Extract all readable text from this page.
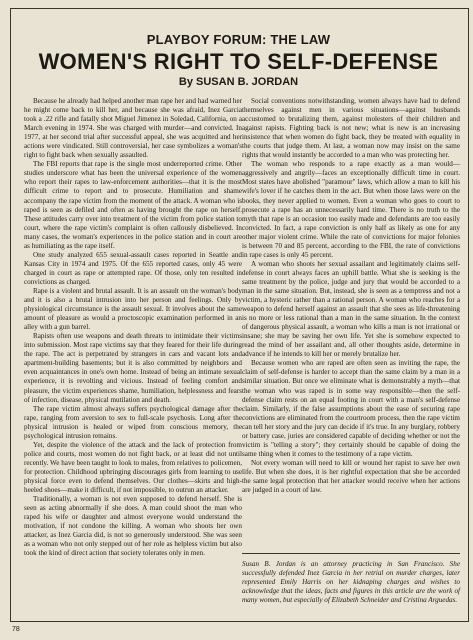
PLAYBOY FORUM: THE LAW
WOMEN'S RIGHT TO SELF-DEFENSE
By SUSAN B. JORDAN

Because he already had helped another man rape her and had warned her he might come back to kill her, and because she was afraid, Inez Garcia took a .22 rifle and fatally shot Miguel Jimenez in Soledad, California, on a March evening in 1974. She was charged with murder—and convicted. In 1977, at her second trial after successful appeal, she was acquitted and her actions were vindicated. Still controversial, her case symbolizes a woman's right to fight back when sexually assaulted.

The FBI reports that rape is the single most underreported crime. Other studies underscore what has been the universal experience of the women who report their rapes to law-enforcement authorities—that it is the most difficult crime to report and to prosecute. Humiliation and shame accompany the rape victim from the moment of the attack. A woman who is raped is seen as defiled and often as having brought the rape on herself. These attitudes carry over into treatment of the victim from police station to court, where the rape victim's complaint is often callously disbelieved. In many cases, the woman's experiences in the police station and in court are as humiliating as the rape itself.

One study analyzed 655 sexual-assault cases reported in Seattle and Kansas City in 1974 and 1975. Of the 655 reported cases, only 45 were charged in court as rape or attempted rape. Of those, only ten resulted in convictions as charged.

Rape is a violent and brutal assault. It is an assault on the woman's body and it is also a brutal intrusion into her person and feelings. Only by physiological circumstance is the assault sexual. It involves about the same amount of pleasure as would a proctoscopic examination performed in an alley with a gun barrel.

Rapists often use weapons and death threats to intimidate their victims into submission. Most rape victims say that they feared for their life during the rape. The act is perpetrated by strangers in cars and vacant lots and apartment-building basements; but it is also committed by neighbors and even acquaintances in one's own home. Instead of being an intimate sexual experience, it is revolting and vicious. Instead of feeling comfort and pleasure, the victim experiences shame, humiliation, helplessness and fears of infection, disease, physical mutilation and death.

The rape victim almost always suffers psychological damage after the rape, ranging from aversion to sex to full-scale psychosis. Long after the physical intrusion is healed or wiped from conscious memory, the psychological intrusion remains.

Yet, despite the violence of the attack and the lack of protection from police and courts, most women do not fight back, or at least did not until recently. We have been taught to look to males, from relatives to policemen, for protection. Childhood upbringing discourages girls from learning to use physical force even to defend themselves. Our clothes—skirts and high-heeled shoes—make it difficult, if not impossible, to outrun an attacker.

Traditionally, a woman is not even supposed to defend herself. She is seen as acting abnormally if she does. A man could shoot the man who raped his wife or daughter and almost everyone would understand the motivation, if not condone the killing. A woman who shoots her own attacker, as Inez Garcia did, is not so generously understood. She was seen as a woman who not only stepped out of her role as helpless victim but also took the kind of direct action that society tolerates only in men.

Social conventions notwithstanding, women always have had to defend themselves against men in various situations—against husbands accustomed to brutalizing them, against molesters of their children and against rapists. Fighting back is not new; what is new is an increasing insistence that when women do fight back, they be treated with equality in the courts that judge them. At last, a woman now may insist on the same rights that would instantly be accorded to a man who was protecting her.

The woman who responds to a rape exactly as a man would—aggressively and angrily—faces an exceptionally difficult time in court. Most states have abolished "paramour" laws, which allow a man to kill his wife's lover if he catches them in the act. But when those laws were on the books, they never applied to women. Even a woman who goes to court to prosecute a rape has an unnecessarily hard time. There is no truth to the myth that rape is an occasion too easily made and defendants are too easily convicted. In fact, a rape conviction is only half as likely as one for any other major violent crime. While the rate of convictions for major felonies is between 70 and 85 percent, according to the FBI, the rate of convictions in rape cases is only 45 percent.

A woman who shoots her sexual assailant and legitimately claims self-defense in court always faces an uphill battle. What she is seeking is the same treatment by the police, judge and jury that would be accorded to a man in the same situation. But, instead, she is seen as a temptress and not a victim, a hysteric rather than a rational person. A woman who reaches for a weapon to defend herself against an assault that she sees as life-threatening is no more or less rational than a man in the same situation. In the context of dangerous physical assault, a woman who kills a man is not irrational or insane; she may be saving her own life. Yet she is somehow expected to read the mind of her assailant and, all other thoughts aside, determine in advance if he intends to kill her or merely brutalize her.

Because women who are raped are often seen as inviting the rape, the claim of self-defense is harder to accept than the same claim by a man in a similar situation. But once we eliminate what is demonstrably a myth—that the woman who was raped is in some way responsible—then the self-defense claim rests on an equal footing in court with a man's self-defense claim. Similarly, if the false assumptions about the ease of securing rape convictions are eliminated from the courtroom process, then the rape victim can tell her story and the jury can decide if it's true. In any burglary, robbery or battery case, juries are considered capable of deciding whether or not the victim is "telling a story"; they certainly should be capable of doing the same thing when it comes to the testimony of a rape victim.

Not every woman will need to kill or wound her rapist to save her own life. But when she does, it is her rightful expectation that she be accorded the same legal protection that her attacker would receive when her actions are judged in a court of law.

Susan B. Jordan is an attorney practicing in San Francisco. She successfully defended Inez Garcia in her retrial on murder charges, later represented Emily Harris on her kidnaping charges and wishes to acknowledge that the ideas, facts and figures in this article are the work of many women, but especially of Elizabeth Schneider and Cristina Arguedas.
78
